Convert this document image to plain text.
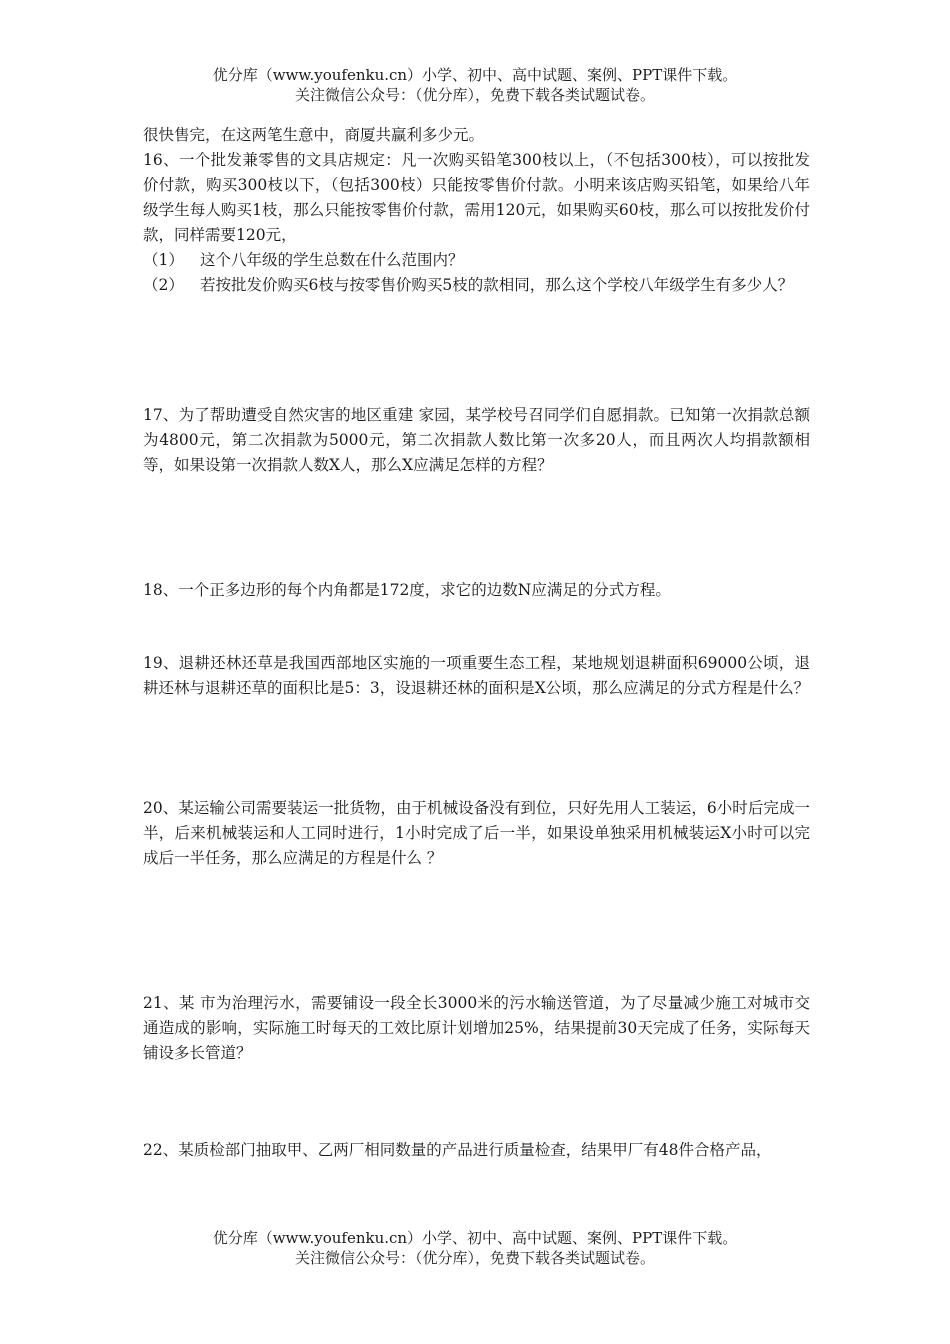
优分库（www.youfenku.cn）小学、初中、高中试题、案例、PPT课件下载。
关注微信公众号：（优分库），免费下载各类试题试卷。

很快售完，在这两笔生意中，商厦共赢利多少元。

16、一个批发兼零售的文具店规定：凡一次购买铅笔300枝以上，（不包括300枝），可以按批发价付款，购买300枝以下，（包括300枝）只能按零售价付款。小明来该店购买铅笔，如果给八年级学生每人购买1枝，那么只能按零售价付款，需用120元，如果购买60枝，那么可以按批发价付款，同样需要120元，

（1）	这个八年级的学生总数在什么范围内？
（2）	若按批发价购买6枝与按零售价购买5枝的款相同，那么这个学校八年级学生有多少人？

17、为了帮助遭受自然灾害的地区重建 家园，某学校号召同学们自愿捐款。已知第一次捐款总额为4800元，第二次捐款为5000元，第二次捐款人数比第一次多20人，而且两次人均捐款额相等，如果设第一次捐款人数X人，那么X应满足怎样的方程？

18、一个正多边形的每个内角都是172度，求它的边数N应满足的分式方程。

19、退耕还林还草是我国西部地区实施的一项重要生态工程，某地规划退耕面积69000公顷，退耕还林与退耕还草的面积比是5：3，设退耕还林的面积是X公顷，那么应满足的分式方程是什么？

20、某运输公司需要装运一批货物，由于机械设备没有到位，只好先用人工装运，6小时后完成一半，后来机械装运和人工同时进行，1小时完成了后一半，如果设单独采用机械装运X小时可以完成后一半任务，那么应满足的方程是什么 ？

21、某 市为治理污水，需要铺设一段全长3000米的污水输送管道，为了尽量减少施工对城市交通造成的影响，实际施工时每天的工效比原计划增加25%，结果提前30天完成了任务，实际每天铺设多长管道？

22、某质检部门抽取甲、乙两厂相同数量的产品进行质量检查，结果甲厂有48件合格产品，

优分库（www.youfenku.cn）小学、初中、高中试题、案例、PPT课件下载。
关注微信公众号：（优分库），免费下载各类试题试卷。
